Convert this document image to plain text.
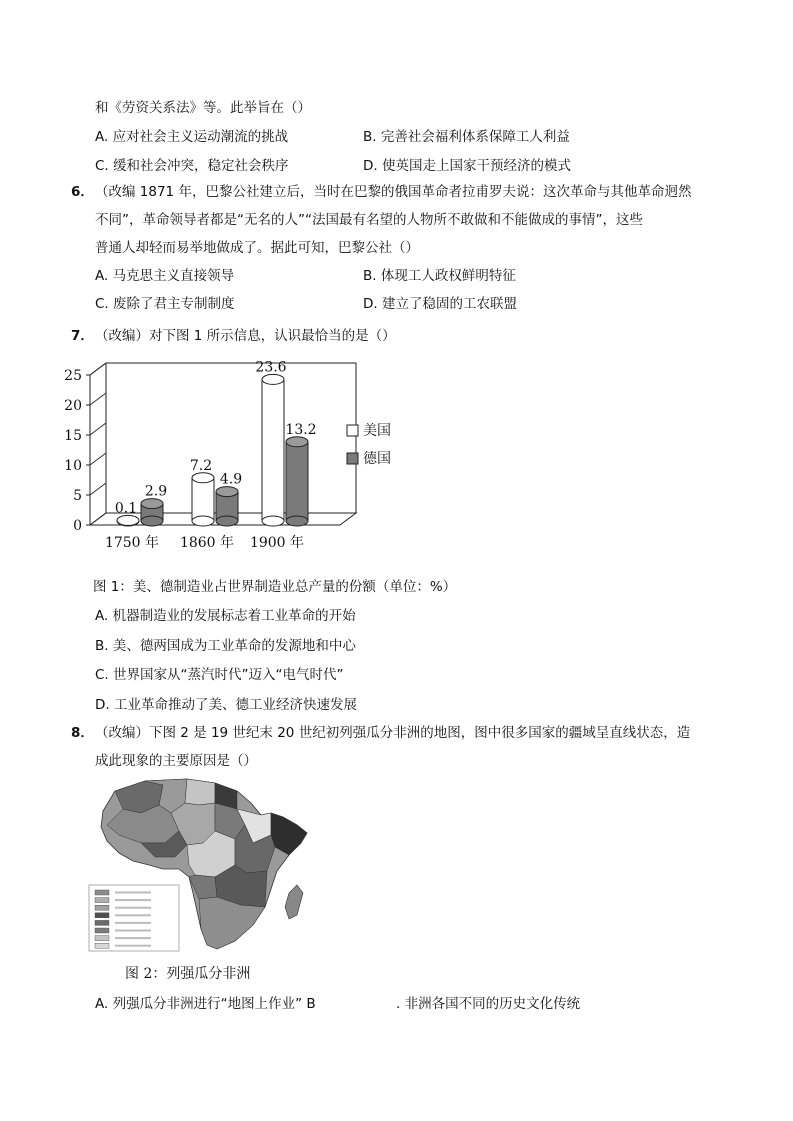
和《劳资关系法》等。此举旨在（）
A. 应对社会主义运动潮流的挑战	B. 完善社会福利体系保障工人利益
C. 缓和社会冲突，稳定社会秩序	D. 使英国走上国家干预经济的模式
6． （改编 1871 年，巴黎公社建立后，当时在巴黎的俄国革命者拉甫罗夫说：这次革命与其他革命迥然
不同”，革命领导者都是“无名的人”“法国最有名望的人物所不敢做和不能做成的事情”，这些
普通人却轻而易举地做成了。据此可知，巴黎公社（）
A. 马克思主义直接领导	B. 体现工人政权鲜明特征
C. 废除了君主专制制度	D. 建立了稳固的工农联盟
7． （改编）对下图 1 所示信息，认识最恰当的是（）
0
5
10
15
20
25
0.1
2.9
7.2
4.9
23.6
13.2
1750 年 1860 年 1900 年
美国
德国
图 1：美、德制造业占世界制造业总产量的份额（单位：%）
A. 机器制造业的发展标志着工业革命的开始
B. 美、德两国成为工业革命的发源地和中心
C. 世界国家从“蒸汽时代”迈入“电气时代”
D. 工业革命推动了美、德工业经济快速发展
8． （改编）下图 2 是 19 世纪末 20 世纪初列强瓜分非洲的地图，图中很多国家的疆域呈直线状态，造
成此现象的主要原因是（）
图 2：列强瓜分非洲
A. 列强瓜分非洲进行“地图上作业” B	. 非洲各国不同的历史文化传统
